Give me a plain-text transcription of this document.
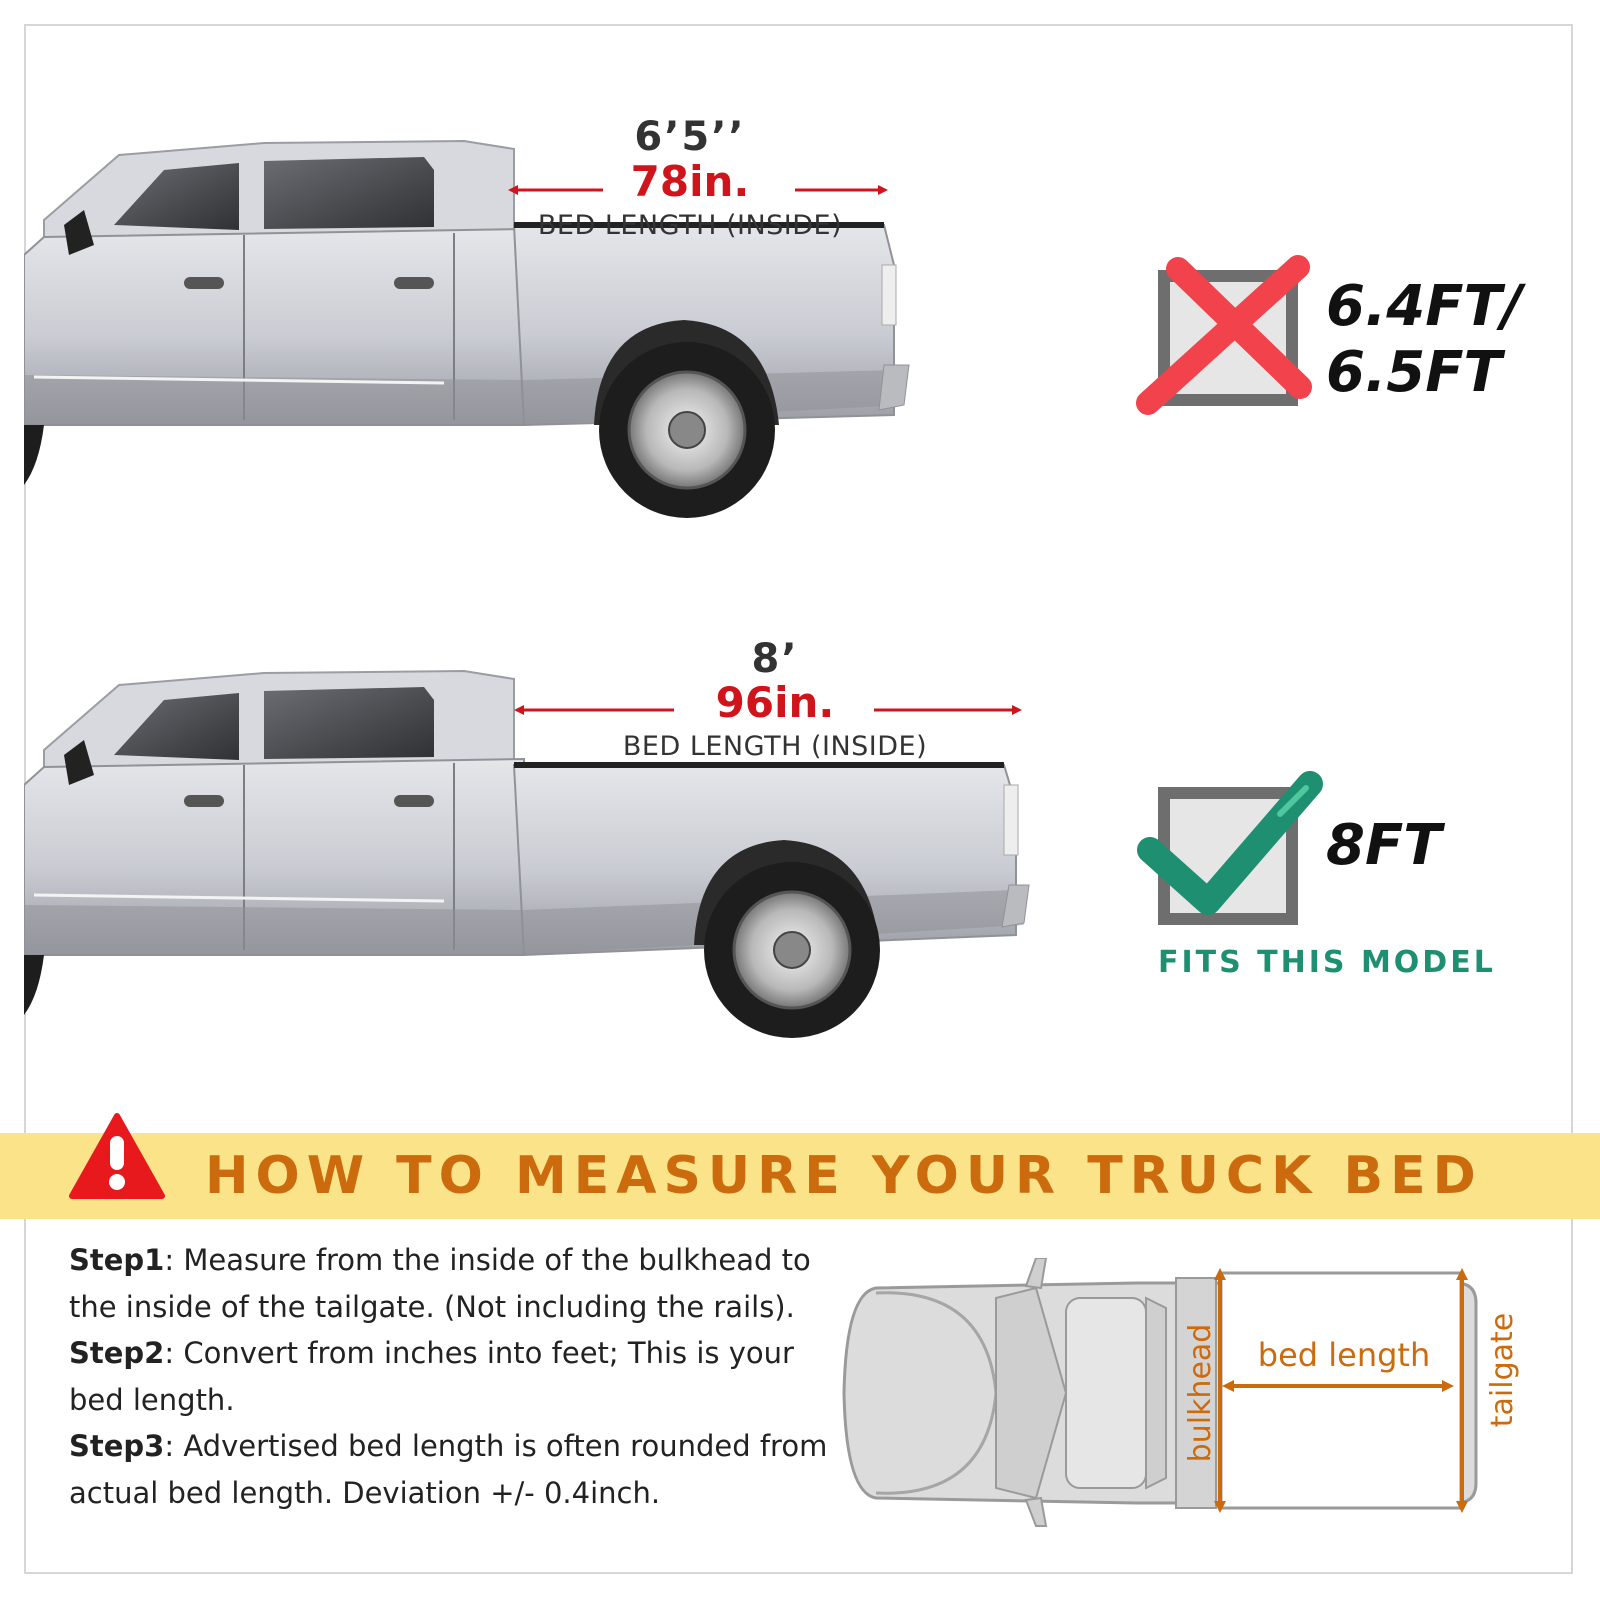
6’5’’
78in.
BED LENGTH (INSIDE)
6.4FT/
6.5FT
8’
96in.
BED LENGTH (INSIDE)
8FT
FITS THIS MODEL
HOW TO MEASURE YOUR TRUCK BED

Step1: Measure from the inside of the bulkhead to the inside of the tailgate. (Not including the rails).

Step2: Convert from inches into feet; This is your bed length.

Step3: Advertised bed length is often rounded from actual bed length. Deviation +/- 0.4inch.

bed length
bulkhead	tailgate
